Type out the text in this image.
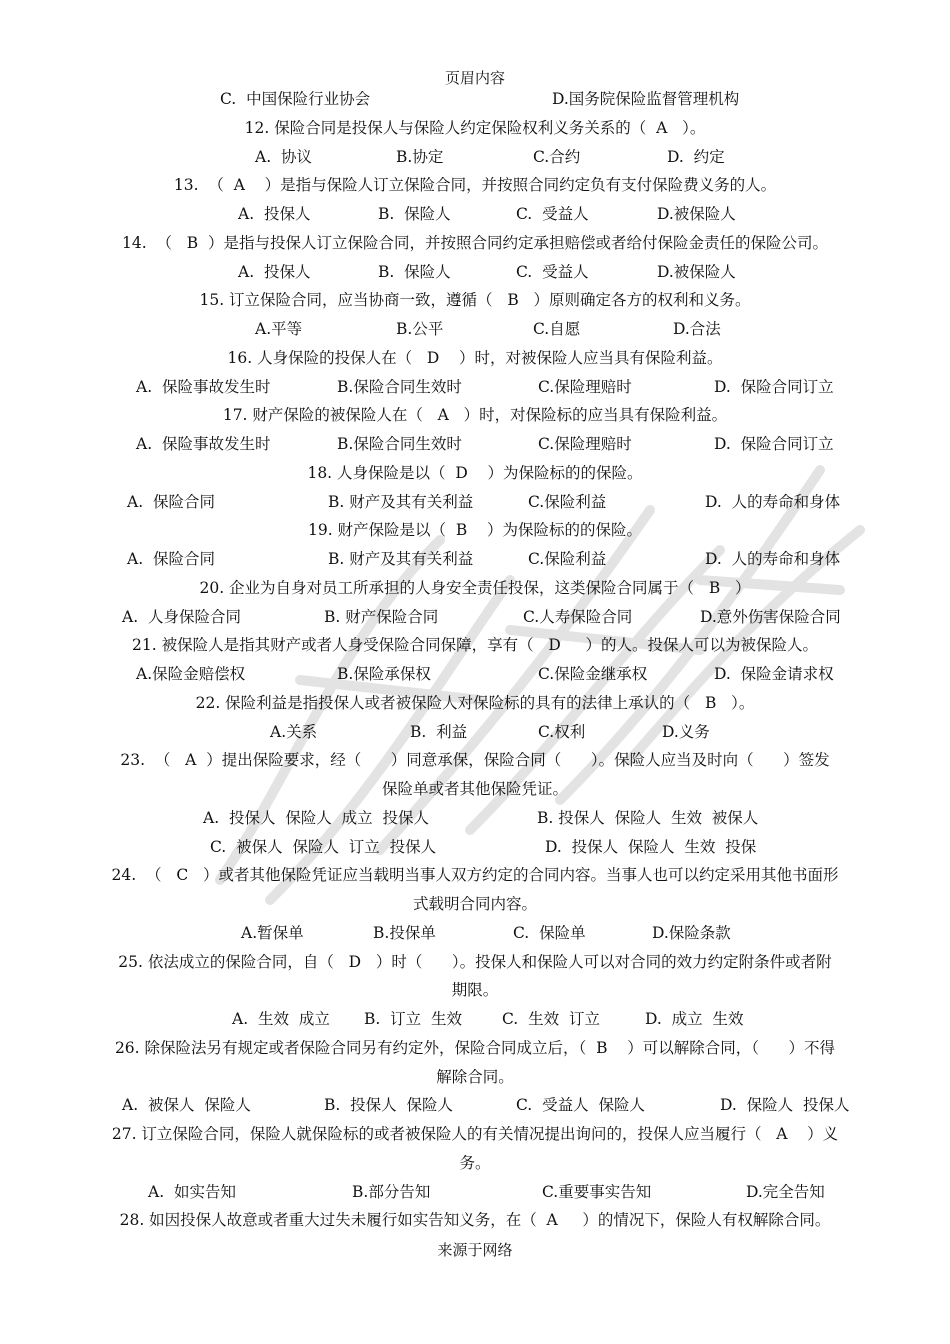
页眉内容
C.  中国保险行业协会	D.国务院保险监督管理机构
12. 保险合同是投保人与保险人约定保险权利义务关系的（  A   ）。
A.  协议	B.协定	C.合约	D.  约定
13.  （  A    ）是指与保险人订立保险合同，并按照合同约定负有支付保险费义务的人。
A.  投保人	B.  保险人	C.  受益人	D.被保险人
14.  （   B  ）是指与投保人订立保险合同，并按照合同约定承担赔偿或者给付保险金责任的保险公司。
A.  投保人	B.  保险人	C.  受益人	D.被保险人
15. 订立保险合同，应当协商一致，遵循（   B   ）原则确定各方的权利和义务。
A.平等	B.公平	C.自愿	D.合法
16. 人身保险的投保人在（   D    ）时，对被保险人应当具有保险利益。
A.  保险事故发生时	B.保险合同生效时	C.保险理赔时	D.  保险合同订立
17. 财产保险的被保险人在（   A   ）时，对保险标的应当具有保险利益。
A.  保险事故发生时	B.保险合同生效时	C.保险理赔时	D.  保险合同订立
18. 人身保险是以（  D    ）为保险标的的保险。
A.  保险合同	B. 财产及其有关利益	C.保险利益	D.  人的寿命和身体
19. 财产保险是以（  B    ）为保险标的的保险。
A.  保险合同	B. 财产及其有关利益	C.保险利益	D.  人的寿命和身体
20. 企业为自身对员工所承担的人身安全责任投保，这类保险合同属于（   B   ）
A.  人身保险合同	B. 财产保险合同	C.人寿保险合同	D.意外伤害保险合同
21. 被保险人是指其财产或者人身受保险合同保障，享有（   D     ）的人。投保人可以为被保险人。
A.保险金赔偿权	B.保险承保权	C.保险金继承权	D.  保险金请求权
22. 保险利益是指投保人或者被保险人对保险标的具有的法律上承认的（   B   ）。
A.关系	B.  利益	C.权利	D.义务
23.  （   A  ）提出保险要求，经（      ）同意承保，保险合同（      ）。保险人应当及时向（      ）签发
保险单或者其他保险凭证。
A.  投保人  保险人  成立  投保人	B. 投保人  保险人  生效  被保人
C.  被保人  保险人  订立  投保人	D.  投保人  保险人  生效  投保
24.  （   C   ）或者其他保险凭证应当载明当事人双方约定的合同内容。当事人也可以约定采用其他书面形
式载明合同内容。
A.暂保单	B.投保单	C.  保险单	D.保险条款
25. 依法成立的保险合同，自（   D   ）时（      ）。投保人和保险人可以对合同的效力约定附条件或者附
期限。
A.  生效  成立 B.  订立  生效	C.  生效  订立	D.  成立  生效
26. 除保险法另有规定或者保险合同另有约定外，保险合同成立后，（  B    ）可以解除合同，（      ）不得
解除合同。
A.  被保人  保险人	B.  投保人  保险人	C.  受益人  保险人	D.  保险人  投保人
27. 订立保险合同，保险人就保险标的或者被保险人的有关情况提出询问的，投保人应当履行（   A    ）义
务。
A.  如实告知	B.部分告知	C.重要事实告知	D.完全告知
28. 如因投保人故意或者重大过失未履行如实告知义务，在（  A     ）的情况下，保险人有权解除合同。
来源于网络
